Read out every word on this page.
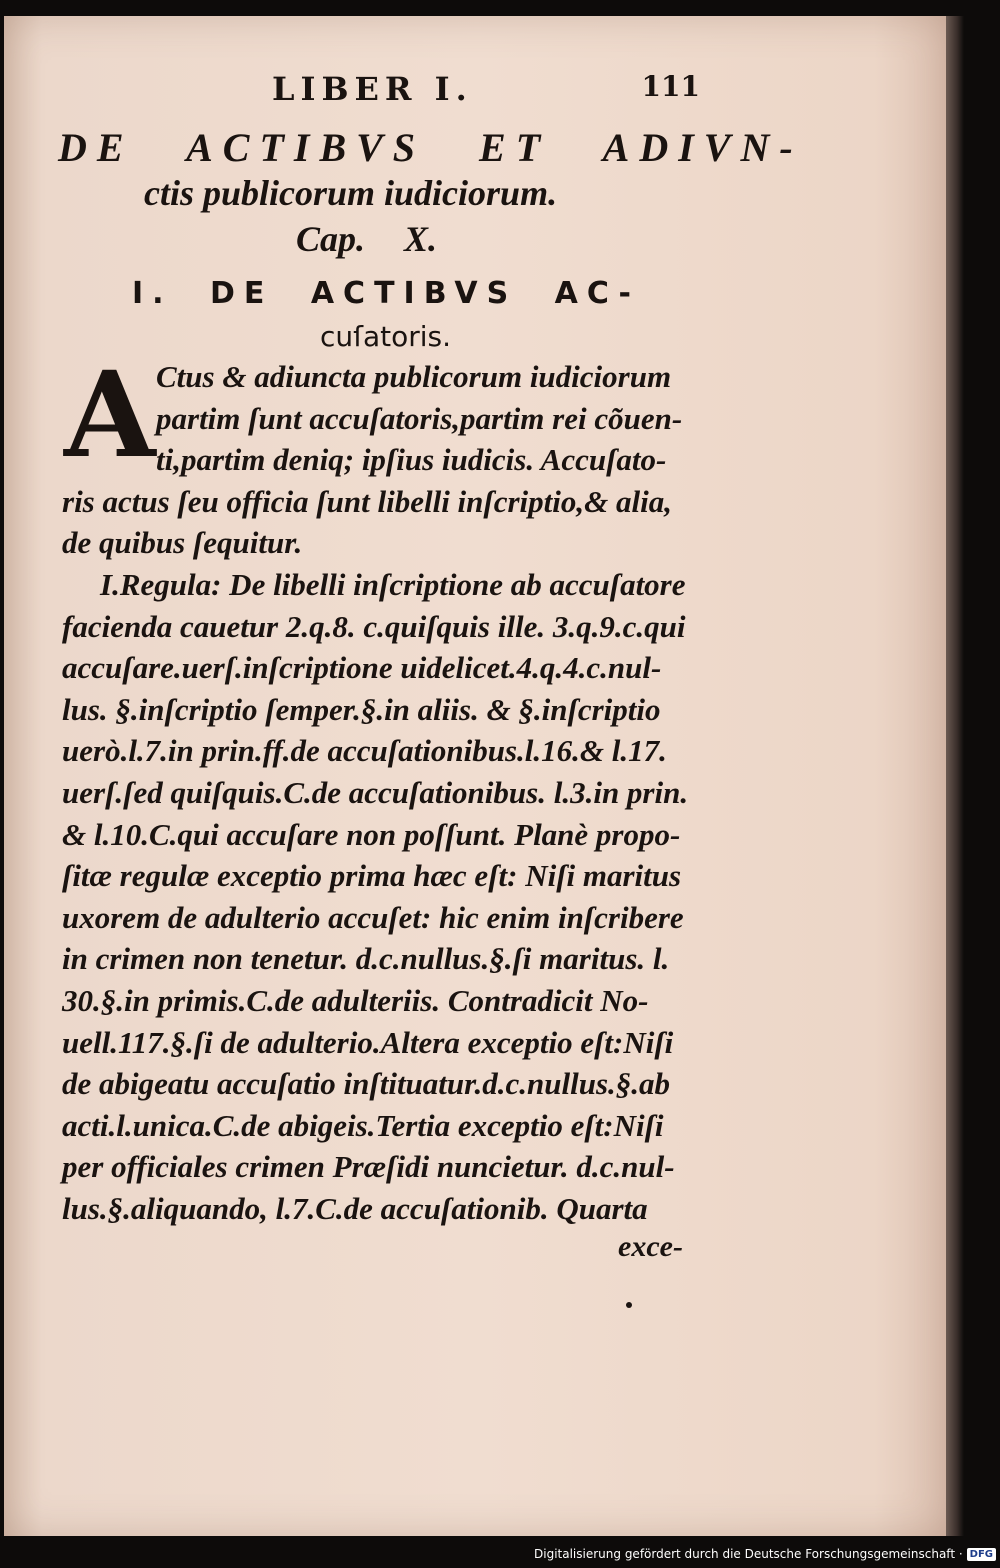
LIBER I.	111
DE ACTIBVS ET ADIVN-
ctis publicorum iudiciorum.
Cap. X.
I. DE ACTIBVS AC-
cuſatoris.
A Ctus & adiuncta publicorum iudiciorum
partim ſunt accuſatoris,partim rei cõuen-
ti,partim deniq; ipſius iudicis. Accuſato-
ris actus ſeu officia ſunt libelli inſcriptio,& alia,
de quibus ſequitur.
I.Regula: De libelli inſcriptione ab accuſatore
facienda cauetur 2.q.8. c.quiſquis ille. 3.q.9.c.qui
accuſare.uerſ.inſcriptione uidelicet.4.q.4.c.nul-
lus. §.inſcriptio ſemper.§.in aliis. & §.inſcriptio
uerò.l.7.in prin.ff.de accuſationibus.l.16.& l.17.
uerſ.ſed quiſquis.C.de accuſationibus. l.3.in prin.
& l.10.C.qui accuſare non poſſunt. Planè propo-
ſitæ regulæ exceptio prima hæc eſt: Niſi maritus
uxorem de adulterio accuſet: hic enim inſcribere
in crimen non tenetur. d.c.nullus.§.ſi maritus. l.
30.§.in primis.C.de adulteriis. Contradicit No-
uell.117.§.ſi de adulterio.Altera exceptio eſt:Niſi
de abigeatu accuſatio inſtituatur.d.c.nullus.§.ab
acti.l.unica.C.de abigeis.Tertia exceptio eſt:Niſi
per officiales crimen Præſidi nuncietur. d.c.nul-
lus.§.aliquando, l.7.C.de accuſationib. Quarta
exce-
Digitalisierung gefördert durch die Deutsche Forschungsgemeinschaft · DFG
